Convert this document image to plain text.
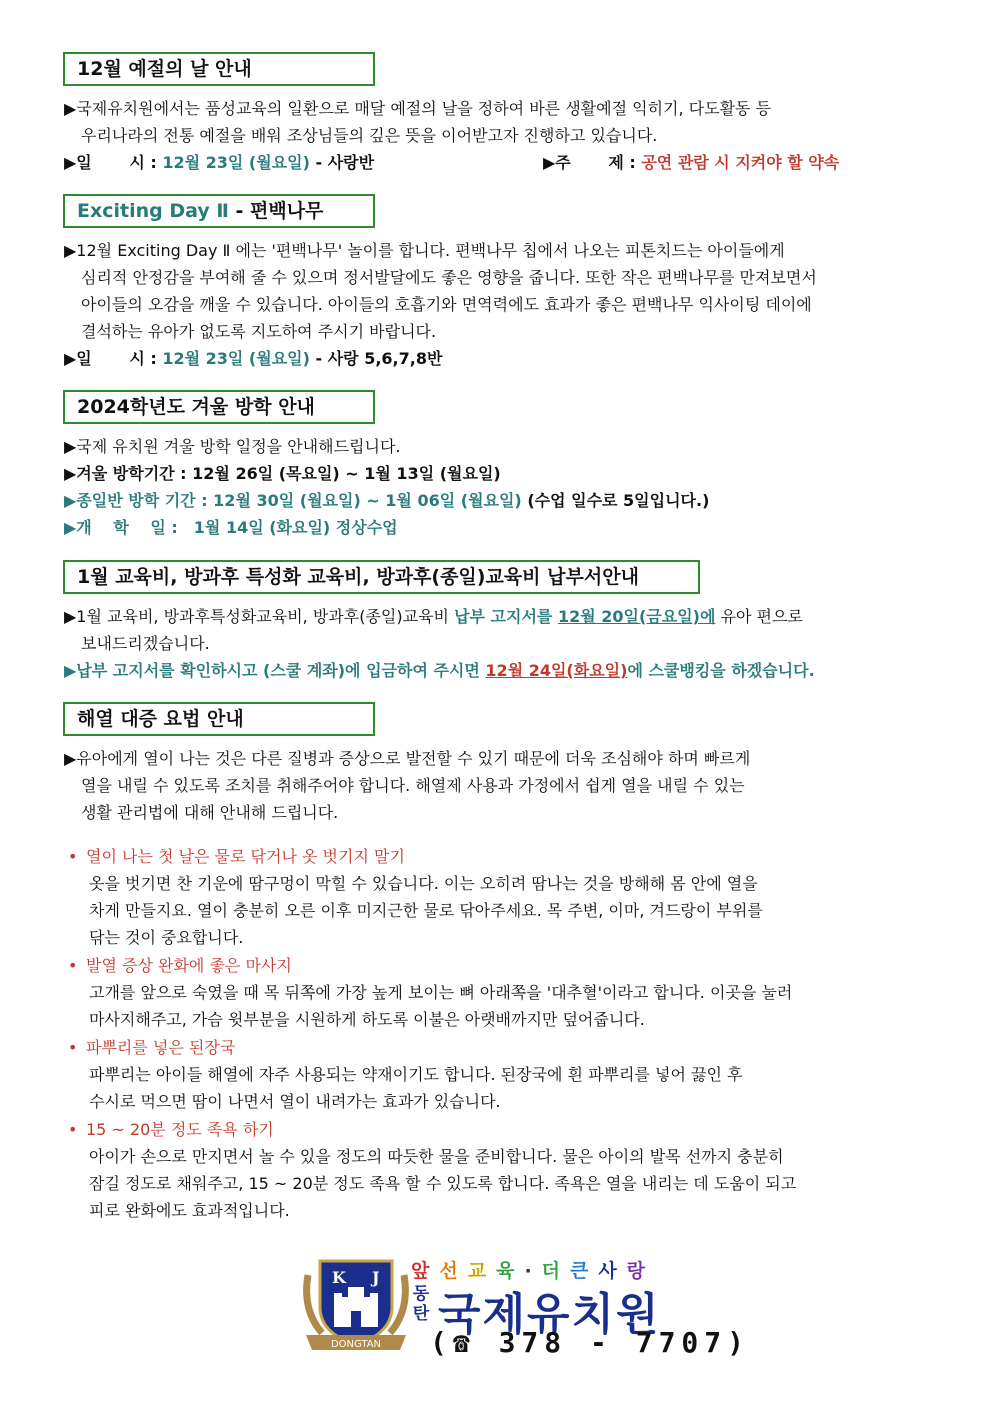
12월 예절의 날 안내
▶국제유치원에서는 품성교육의 일환으로 매달 예절의 날을 정하여 바른 생활예절 익히기, 다도활동 등
우리나라의 전통 예절을 배워 조상님들의 깊은 뜻을 이어받고자 진행하고 있습니다.
▶일　　 시 : 12월 23일 (월요일) - 사랑반	▶주　　 제 : 공연 관람 시 지켜야 할 약속
Exciting Day Ⅱ - 편백나무
▶12월 Exciting Day Ⅱ 에는 '편백나무' 놀이를 합니다. 편백나무 칩에서 나오는 피톤치드는 아이들에게
심리적 안정감을 부여해 줄 수 있으며 정서발달에도 좋은 영향을 줍니다. 또한 작은 편백나무를 만져보면서
아이들의 오감을 깨울 수 있습니다. 아이들의 호흡기와 면역력에도 효과가 좋은 편백나무 익사이팅 데이에
결석하는 유아가 없도록 지도하여 주시기 바랍니다.
▶일　　 시 : 12월 23일 (월요일) - 사랑 5,6,7,8반
2024학년도 겨울 방학 안내
▶국제 유치원 겨울 방학 일정을 안내해드립니다.
▶겨울 방학기간 : 12월 26일 (목요일) ~ 1월 13일 (월요일)
▶종일반 방학 기간 : 12월 30일 (월요일) ~ 1월 06일 (월요일) (수업 일수로 5일입니다.)
▶개　 학　 일 :　1월 14일 (화요일) 정상수업
1월 교육비, 방과후 특성화 교육비, 방과후(종일)교육비 납부서안내
▶1월 교육비, 방과후특성화교육비, 방과후(종일)교육비 납부 고지서를 12월 20일(금요일)에 유아 편으로
보내드리겠습니다.
▶납부 고지서를 확인하시고 (스쿨 계좌)에 입금하여 주시면 12월 24일(화요일)에 스쿨뱅킹을 하겠습니다.
해열 대증 요법 안내
▶유아에게 열이 나는 것은 다른 질병과 증상으로 발전할 수 있기 때문에 더욱 조심해야 하며 빠르게
열을 내릴 수 있도록 조치를 취해주어야 합니다. 해열제 사용과 가정에서 쉽게 열을 내릴 수 있는
생활 관리법에 대해 안내해 드립니다.
• 열이 나는 첫 날은 물로 닦거나 옷 벗기지 말기
옷을 벗기면 찬 기운에 땀구멍이 막힐 수 있습니다. 이는 오히려 땀나는 것을 방해해 몸 안에 열을
차게 만들지요. 열이 충분히 오른 이후 미지근한 물로 닦아주세요. 목 주변, 이마, 겨드랑이 부위를
닦는 것이 중요합니다.
• 발열 증상 완화에 좋은 마사지
고개를 앞으로 숙였을 때 목 뒤쪽에 가장 높게 보이는 뼈 아래쪽을 '대추혈'이라고 합니다. 이곳을 눌러
마사지해주고, 가슴 윗부분을 시원하게 하도록 이불은 아랫배까지만 덮어줍니다.
• 파뿌리를 넣은 된장국
파뿌리는 아이들 해열에 자주 사용되는 약재이기도 합니다. 된장국에 흰 파뿌리를 넣어 끓인 후
수시로 먹으면 땀이 나면서 열이 내려가는 효과가 있습니다.
• 15 ~ 20분 정도 족욕 하기
아이가 손으로 만지면서 놀 수 있을 정도의 따듯한 물을 준비합니다. 물은 아이의 발목 선까지 충분히
잠길 정도로 채워주고, 15 ~ 20분 정도 족욕 할 수 있도록 합니다. 족욕은 열을 내리는 데 도움이 되고
피로 완화에도 효과적입니다.
K J
DONGTAN
앞선교육·더큰사랑
동
탄 국제유치원
(☎ 378 - 7707)
